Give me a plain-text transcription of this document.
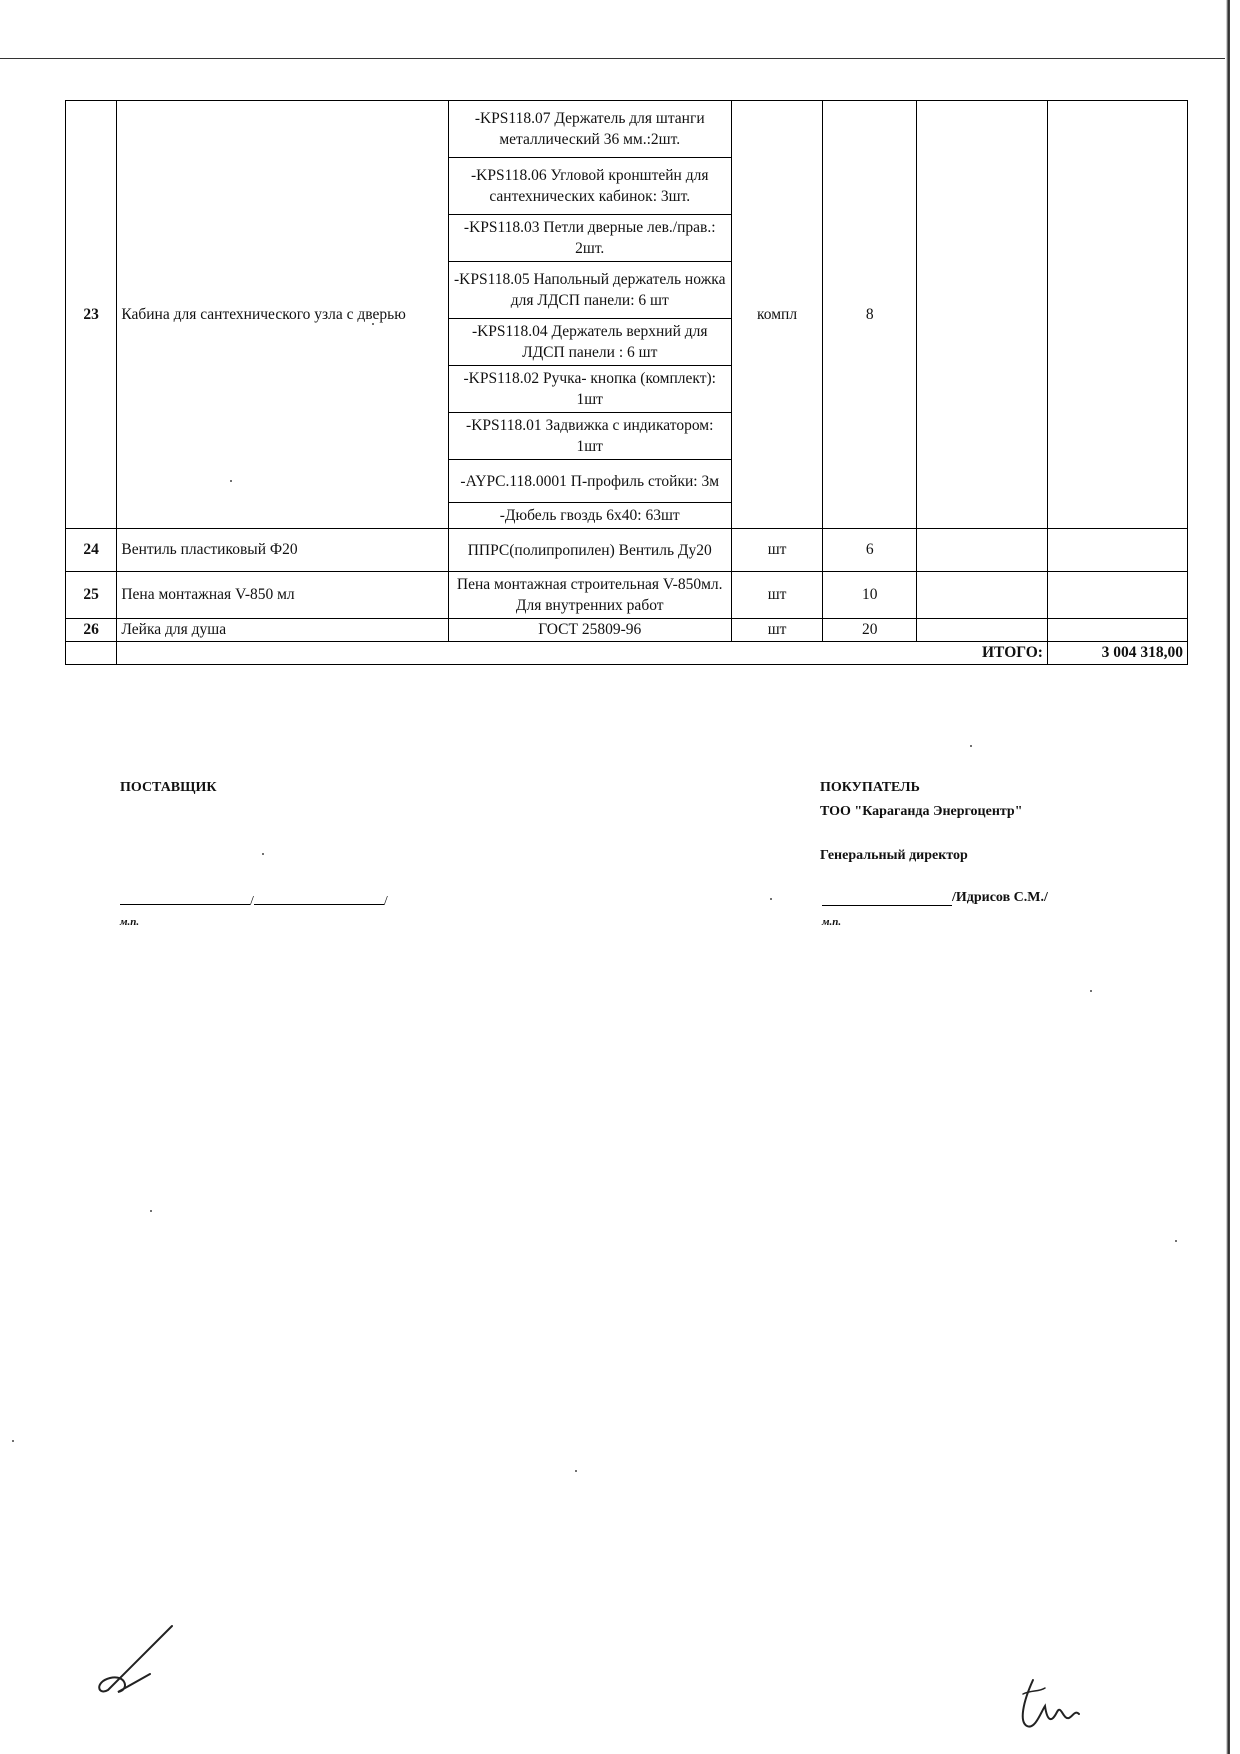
23	Кабина для сантехнического узла с дверью	-KPS118.07 Держатель для штанги металлический 36 мм.:2шт.	компл	8		
		-KPS118.06 Угловой кронштейн для сантехнических кабинок: 3шт.				
		-KPS118.03 Петли дверные лев./прав.: 2шт.				
		-KPS118.05 Напольный держатель ножка для ЛДСП панели: 6 шт				
		-KPS118.04 Держатель верхний для ЛДСП панели : 6 шт				
		-KPS118.02 Ручка- кнопка (комплект): 1шт				
		-KPS118.01 Задвижка с индикатором: 1шт				
		-AYPC.118.0001 П-профиль стойки: 3м				
		-Дюбель гвоздь 6х40: 63шт				
24	Вентиль пластиковый Ф20	ППРС(полипропилен) Вентиль Ду20	шт	6		
25	Пена монтажная V-850 мл	Пена монтажная строительная V-850мл. Для внутренних работ	шт	10		
26	Лейка для душа	ГОСТ 25809-96	шт	20		
	ИТОГО:					3 004 318,00
ПОСТАВЩИК
/	/
м.п.
ПОКУПАТЕЛЬ
ТОО "Караганда Энергоцентр"
Генеральный директор
/Идрисов С.М./
м.п.
